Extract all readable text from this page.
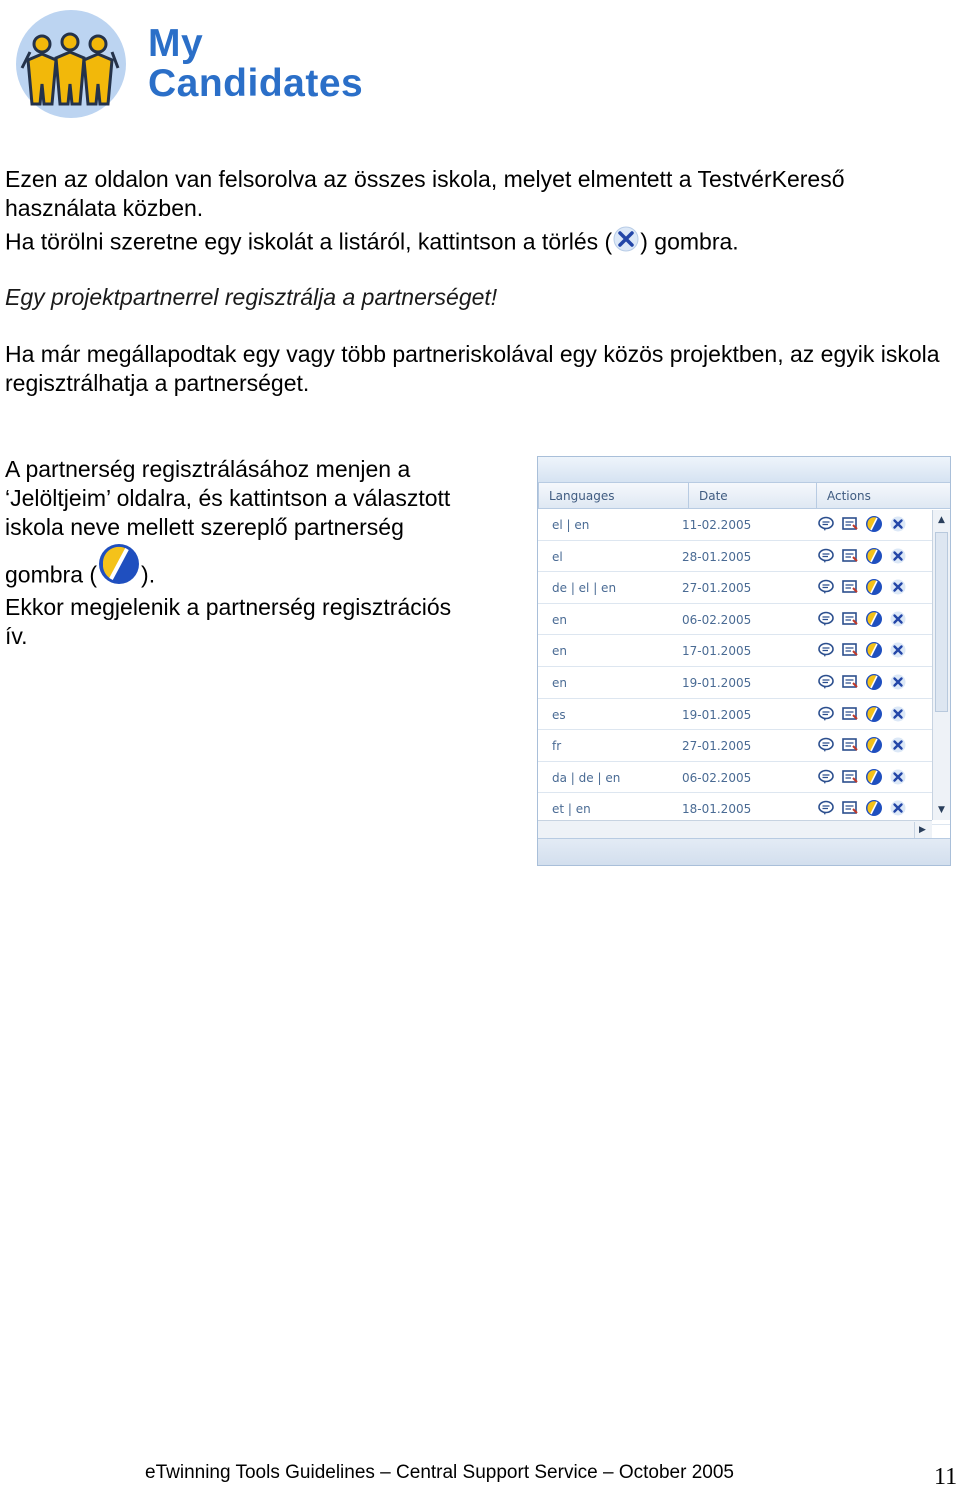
My
Candidates
Ezen az oldalon van felsorolva az összes iskola, melyet elmentett a TestvérKereső használata közben.
Ha törölni szeretne egy iskolát a listáról, kattintson a törlés ( ) gombra.
Egy projektpartnerrel regisztrálja a partnerséget!
Ha már megállapodtak egy vagy több partneriskolával egy közös projektben, az egyik iskola regisztrálhatja a partnerséget.
A partnerség regisztrálásához menjen a
‘Jelöltjeim’ oldalra, és kattintson a választott
iskola neve mellett szereplő partnerség
gombra ( ).
Ekkor megjelenik a partnerség regisztrációs
ív.
Languages	Date	Actions
el | en	11-02.2005
el	28-01.2005
de | el | en	27-01.2005
en	06-02.2005
en	17-01.2005
en	19-01.2005
es	19-01.2005
fr	27-01.2005
da | de | en	06-02.2005
et | en	18-01.2005
▲
▼
▶
eTwinning Tools Guidelines – Central Support Service – October 2005	11
